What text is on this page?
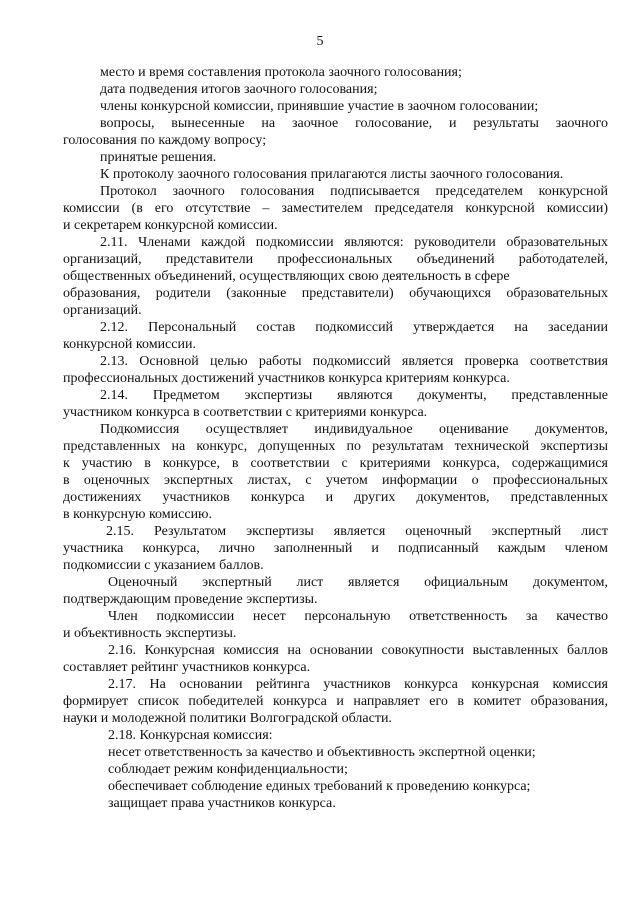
5
место и время составления протокола заочного голосования;
дата подведения итогов заочного голосования;
члены конкурсной комиссии, принявшие участие в заочном голосовании;
вопросы, вынесенные на заочное голосование, и результаты заочного
голосования по каждому вопросу;
принятые решения.
К протоколу заочного голосования прилагаются листы заочного голосования.
Протокол заочного голосования подписывается председателем конкурсной
комиссии (в его отсутствие – заместителем председателя конкурсной комиссии)
и секретарем конкурсной комиссии.
2.11. Членами каждой подкомиссии являются: руководители образовательных
организаций, представители профессиональных объединений работодателей,
общественных объединений, осуществляющих свою деятельность в сфере
образования, родители (законные представители) обучающихся образовательных
организаций.
2.12. Персональный состав подкомиссий утверждается на заседании
конкурсной комиссии.
2.13. Основной целью работы подкомиссий является проверка соответствия
профессиональных достижений участников конкурса критериям конкурса.
2.14. Предметом экспертизы являются документы, представленные
участником конкурса в соответствии с критериями конкурса.
Подкомиссия осуществляет индивидуальное оценивание документов,
представленных на конкурс, допущенных по результатам технической экспертизы
к участию в конкурсе, в соответствии с критериями конкурса, содержащимися
в оценочных экспертных листах, с учетом информации о профессиональных
достижениях участников конкурса и других документов, представленных
в конкурсную комиссию.
2.15. Результатом экспертизы является оценочный экспертный лист
участника конкурса, лично заполненный и подписанный каждым членом
подкомиссии с указанием баллов.
Оценочный экспертный лист является официальным документом,
подтверждающим проведение экспертизы.
Член подкомиссии несет персональную ответственность за качество
и объективность экспертизы.
2.16. Конкурсная комиссия на основании совокупности выставленных баллов
составляет рейтинг участников конкурса.
2.17. На основании рейтинга участников конкурса конкурсная комиссия
формирует список победителей конкурса и направляет его в комитет образования,
науки и молодежной политики Волгоградской области.
2.18. Конкурсная комиссия:
несет ответственность за качество и объективность экспертной оценки;
соблюдает режим конфиденциальности;
обеспечивает соблюдение единых требований к проведению конкурса;
защищает права участников конкурса.
